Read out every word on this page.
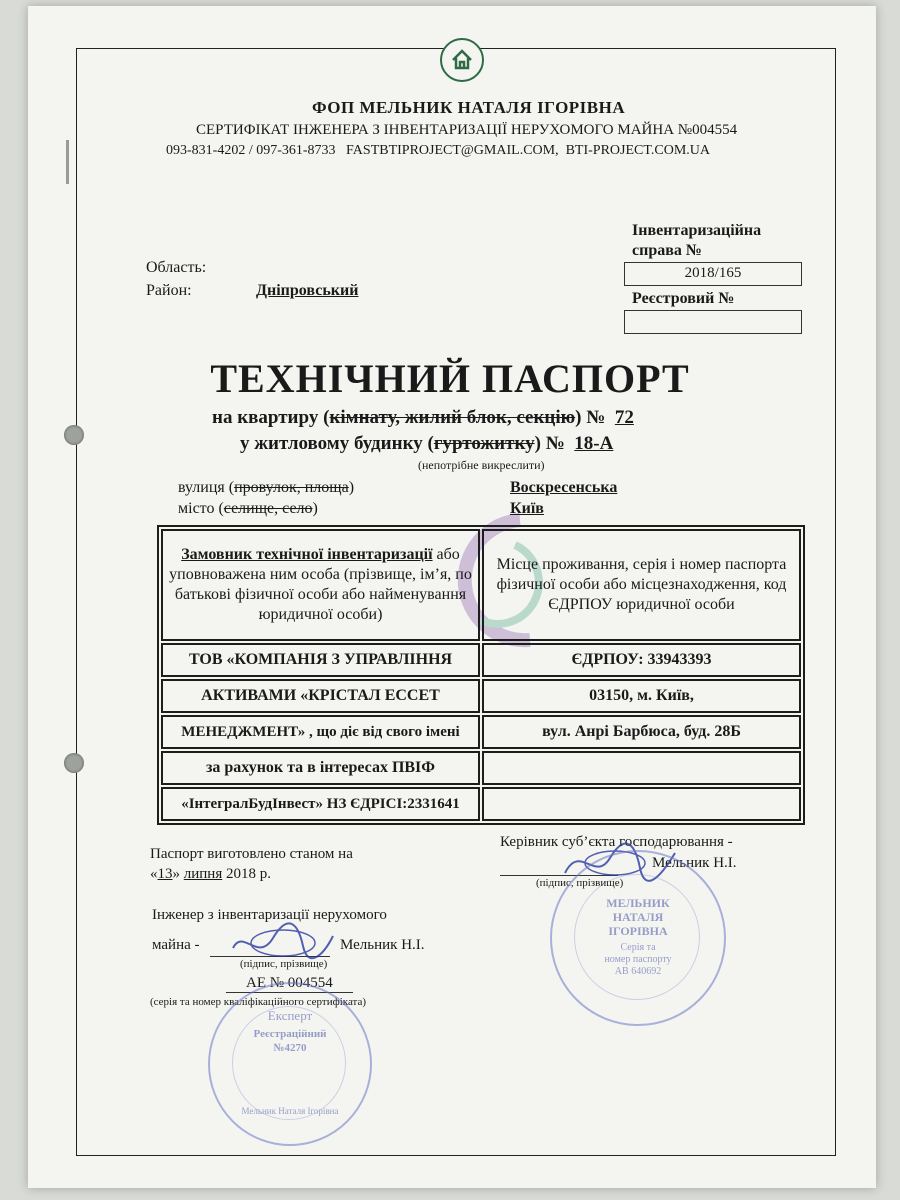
ФОП МЕЛЬНИК НАТАЛЯ ІГОРІВНА
СЕРТИФІКАТ ІНЖЕНЕРА З ІНВЕНТАРИЗАЦІЇ НЕРУХОМОГО МАЙНА №004554
093-831-4202 / 097-361-8733 FASTBTIPROJECT@GMAIL.COM, BTI-PROJECT.COM.UA
Інвентаризаційна
справа №
2018/165
Реєстровий №
Область:
Район:	Дніпровський
ТЕХНІЧНИЙ ПАСПОРТ
на квартиру (кімнату, жилий блок, секцію) № 72
у житловому будинку (гуртожитку) № 18-А
(непотрібне викреслити)
вулиця (провулок, площа)	Воскресенська
місто (селище, село)	Київ
Замовник технічної інвентаризації або уповноважена ним особа (прізвище, ім’я, по батькові фізичної особи або найменування юридичної особи)	Місце проживання, серія і номер паспорта фізичної особи або місцезнаходження, код ЄДРПОУ юридичної особи
ТОВ «КОМПАНІЯ З УПРАВЛІННЯ	ЄДРПОУ: 33943393
АКТИВАМИ «КРІСТАЛ ЕССЕТ	03150, м. Київ,
МЕНЕДЖМЕНТ» , що діє від свого імені	вул. Анрі Барбюса, буд. 28Б
за рахунок та в інтересах ПВІФ	
«ІнтегралБудІнвест» НЗ ЄДРІСІ:2331641	
Паспорт виготовлено станом на
«13» липня 2018 р.
Керівник суб’єкта господарювання -
Мельник Н.І.
(підпис, прізвище)
Інженер з інвентаризації нерухомого
майна -	Мельник Н.І.
(підпис, прізвище)
АЕ № 004554
(серія та номер кваліфікаційного сертифіката)
МЕЛЬНИК
НАТАЛЯ
ІГОРІВНА
Серія та
номер паспорту
АВ 640692
Експерт
Реєстраційний
№4270
Мельник Наталя Ігорівна
